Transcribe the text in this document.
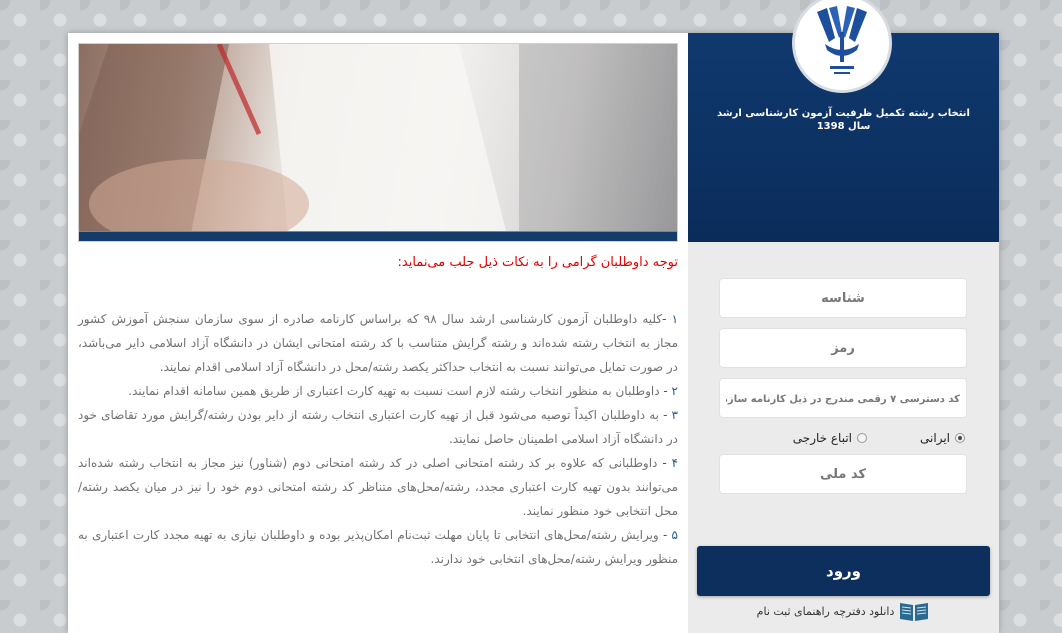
توجه داوطلبان گرامی را به نکات ذیل جلب می‌نماید:

۱ -کلیه داوطلبان آزمون کارشناسی ارشد سال ۹۸ که براساس کارنامه صادره از سوی سازمان سنجش آموزش کشور مجاز به انتخاب رشته شده‌اند و رشته گرایش متناسب با کد رشته امتحانی ایشان در دانشگاه آزاد اسلامی دایر می‌باشد، در صورت تمایل می‌توانند نسبت به انتخاب حداکثر یکصد رشته/محل در دانشگاه آزاد اسلامی اقدام نمایند.

۲ - داوطلبان به منظور انتخاب رشته لازم است نسبت به تهیه کارت اعتباری از طریق همین سامانه اقدام نمایند.

۳ - به داوطلبان اکیداً توصیه می‌شود قبل از تهیه کارت اعتباری انتخاب رشته از دایر بودن رشته/گرایش مورد تقاضای خود در دانشگاه آزاد اسلامی اطمینان حاصل نمایند.

۴ - داوطلبانی که علاوه بر کد رشته امتحانی اصلی در کد رشته امتحانی دوم (شناور) نیز مجاز به انتخاب رشته شده‌اند می‌توانند بدون تهیه کارت اعتباری مجدد، رشته/محل‌های متناظر کد رشته امتحانی دوم خود را نیز در میان یکصد رشته/محل انتخابی خود منظور نمایند.

۵ - ویرایش رشته/محل‌های انتخابی تا پایان مهلت ثبت‌نام امکان‌پذیر بوده و داوطلبان نیازی به تهیه مجدد کارت اعتباری به منظور ویرایش رشته/محل‌های انتخابی خود ندارند.

انتخاب رشته تکمیل ظرفیت آزمون کارشناسی ارشد سال 1398
شناسه
کد دسترسی ۷ رقمی مندرج در ذیل کارنامه سازمان ،
ایرانی
اتباع خارجی
کد ملی
ورود
دانلود دفترچه راهنمای ثبت نام
